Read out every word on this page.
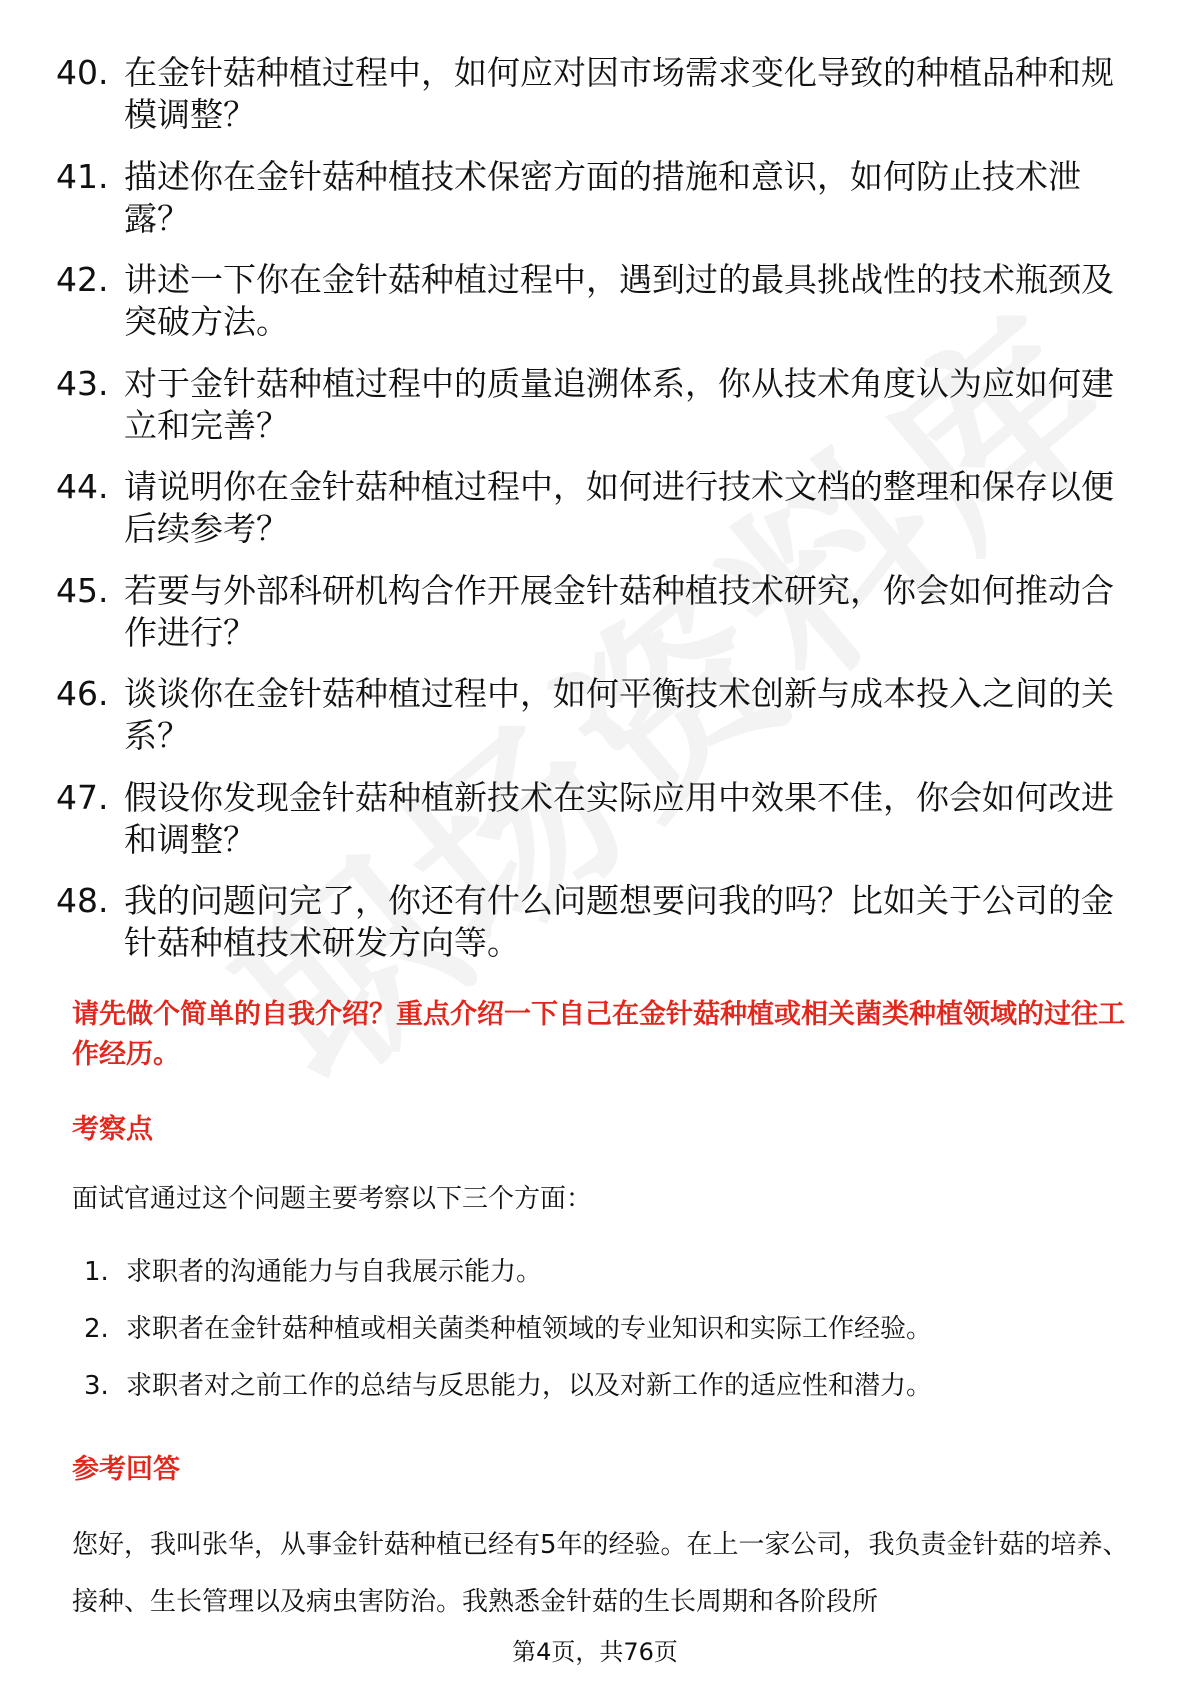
40. 在金针菇种植过程中，如何应对因市场需求变化导致的种植品种和规模调整？
41. 描述你在金针菇种植技术保密方面的措施和意识，如何防止技术泄露？
42. 讲述一下你在金针菇种植过程中，遇到过的最具挑战性的技术瓶颈及突破方法。
43. 对于金针菇种植过程中的质量追溯体系，你从技术角度认为应如何建立和完善？
44. 请说明你在金针菇种植过程中，如何进行技术文档的整理和保存以便后续参考？
45. 若要与外部科研机构合作开展金针菇种植技术研究，你会如何推动合作进行？
46. 谈谈你在金针菇种植过程中，如何平衡技术创新与成本投入之间的关系？
47. 假设你发现金针菇种植新技术在实际应用中效果不佳，你会如何改进和调整？
48. 我的问题问完了，你还有什么问题想要问我的吗？比如关于公司的金针菇种植技术研发方向等。
请先做个简单的自我介绍？重点介绍一下自己在金针菇种植或相关菌类种植领域的过往工作经历。
考察点
面试官通过这个问题主要考察以下三个方面：
1. 求职者的沟通能力与自我展示能力。
2. 求职者在金针菇种植或相关菌类种植领域的专业知识和实际工作经验。
3. 求职者对之前工作的总结与反思能力，以及对新工作的适应性和潜力。
参考回答
您好，我叫张华，从事金针菇种植已经有5年的经验。在上一家公司，我负责金针菇的培养、接种、生长管理以及病虫害防治。我熟悉金针菇的生长周期和各阶段所
第4页，共76页
